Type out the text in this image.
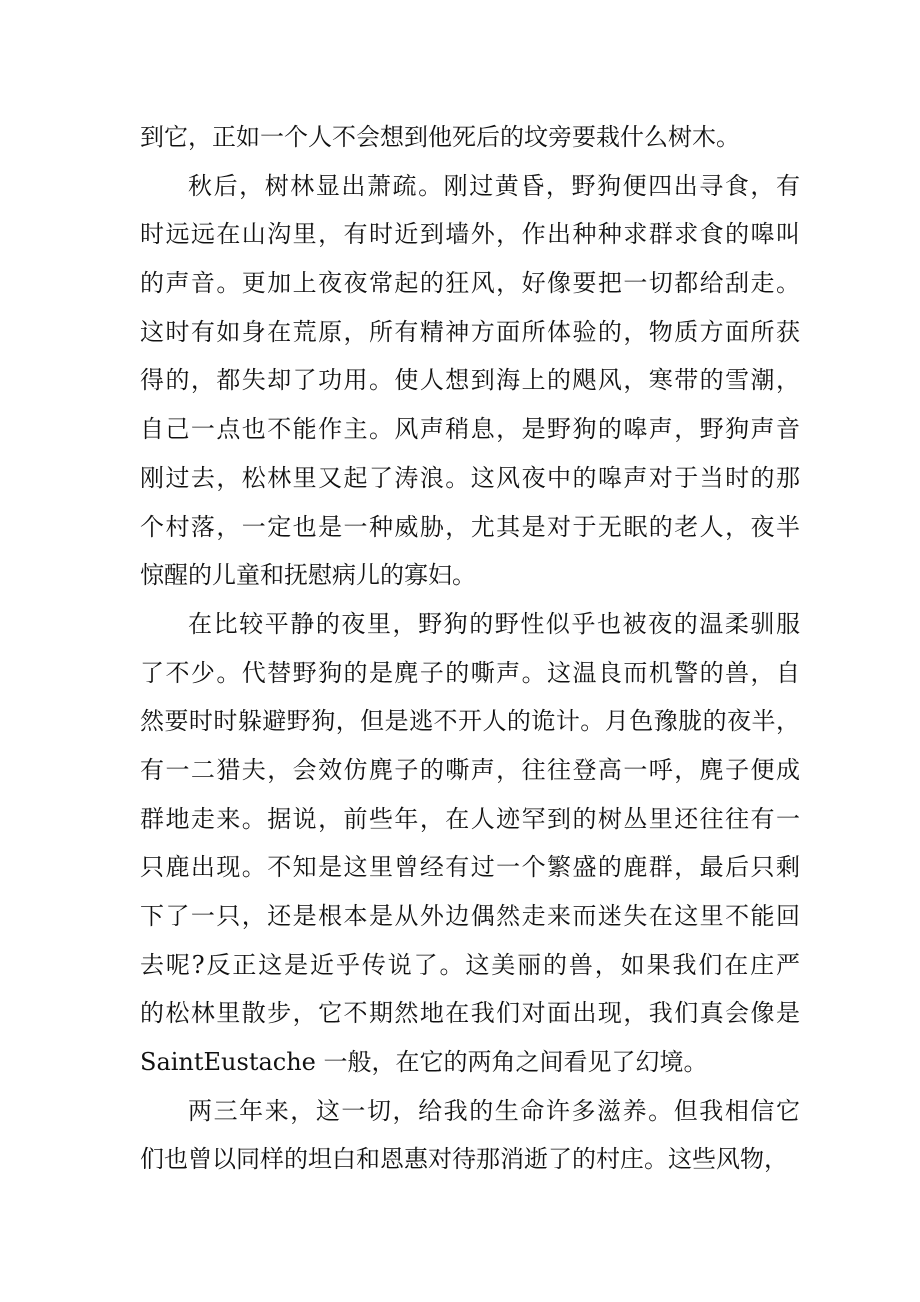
到它，正如一个人不会想到他死后的坟旁要栽什么树木。
秋后，树林显出萧疏。刚过黄昏，野狗便四出寻食，有
时远远在山沟里，有时近到墙外，作出种种求群求食的嗥叫
的声音。更加上夜夜常起的狂风，好像要把一切都给刮走。
这时有如身在荒原，所有精神方面所体验的，物质方面所获
得的，都失却了功用。使人想到海上的飓风，寒带的雪潮，
自己一点也不能作主。风声稍息，是野狗的嗥声，野狗声音
刚过去，松林里又起了涛浪。这风夜中的嗥声对于当时的那
个村落，一定也是一种威胁，尤其是对于无眠的老人，夜半
惊醒的儿童和抚慰病儿的寡妇。
在比较平静的夜里，野狗的野性似乎也被夜的温柔驯服
了不少。代替野狗的是麂子的嘶声。这温良而机警的兽，自
然要时时躲避野狗，但是逃不开人的诡计。月色豫胧的夜半，
有一二猎夫，会效仿麂子的嘶声，往往登高一呼，麂子便成
群地走来。据说，前些年，在人迹罕到的树丛里还往往有一
只鹿出现。不知是这里曾经有过一个繁盛的鹿群，最后只剩
下了一只，还是根本是从外边偶然走来而迷失在这里不能回
去呢?反正这是近乎传说了。这美丽的兽，如果我们在庄严
的松林里散步，它不期然地在我们对面出现，我们真会像是
SaintEustache 一般，在它的两角之间看见了幻境。
两三年来，这一切，给我的生命许多滋养。但我相信它
们也曾以同样的坦白和恩惠对待那消逝了的村庄。这些风物，
